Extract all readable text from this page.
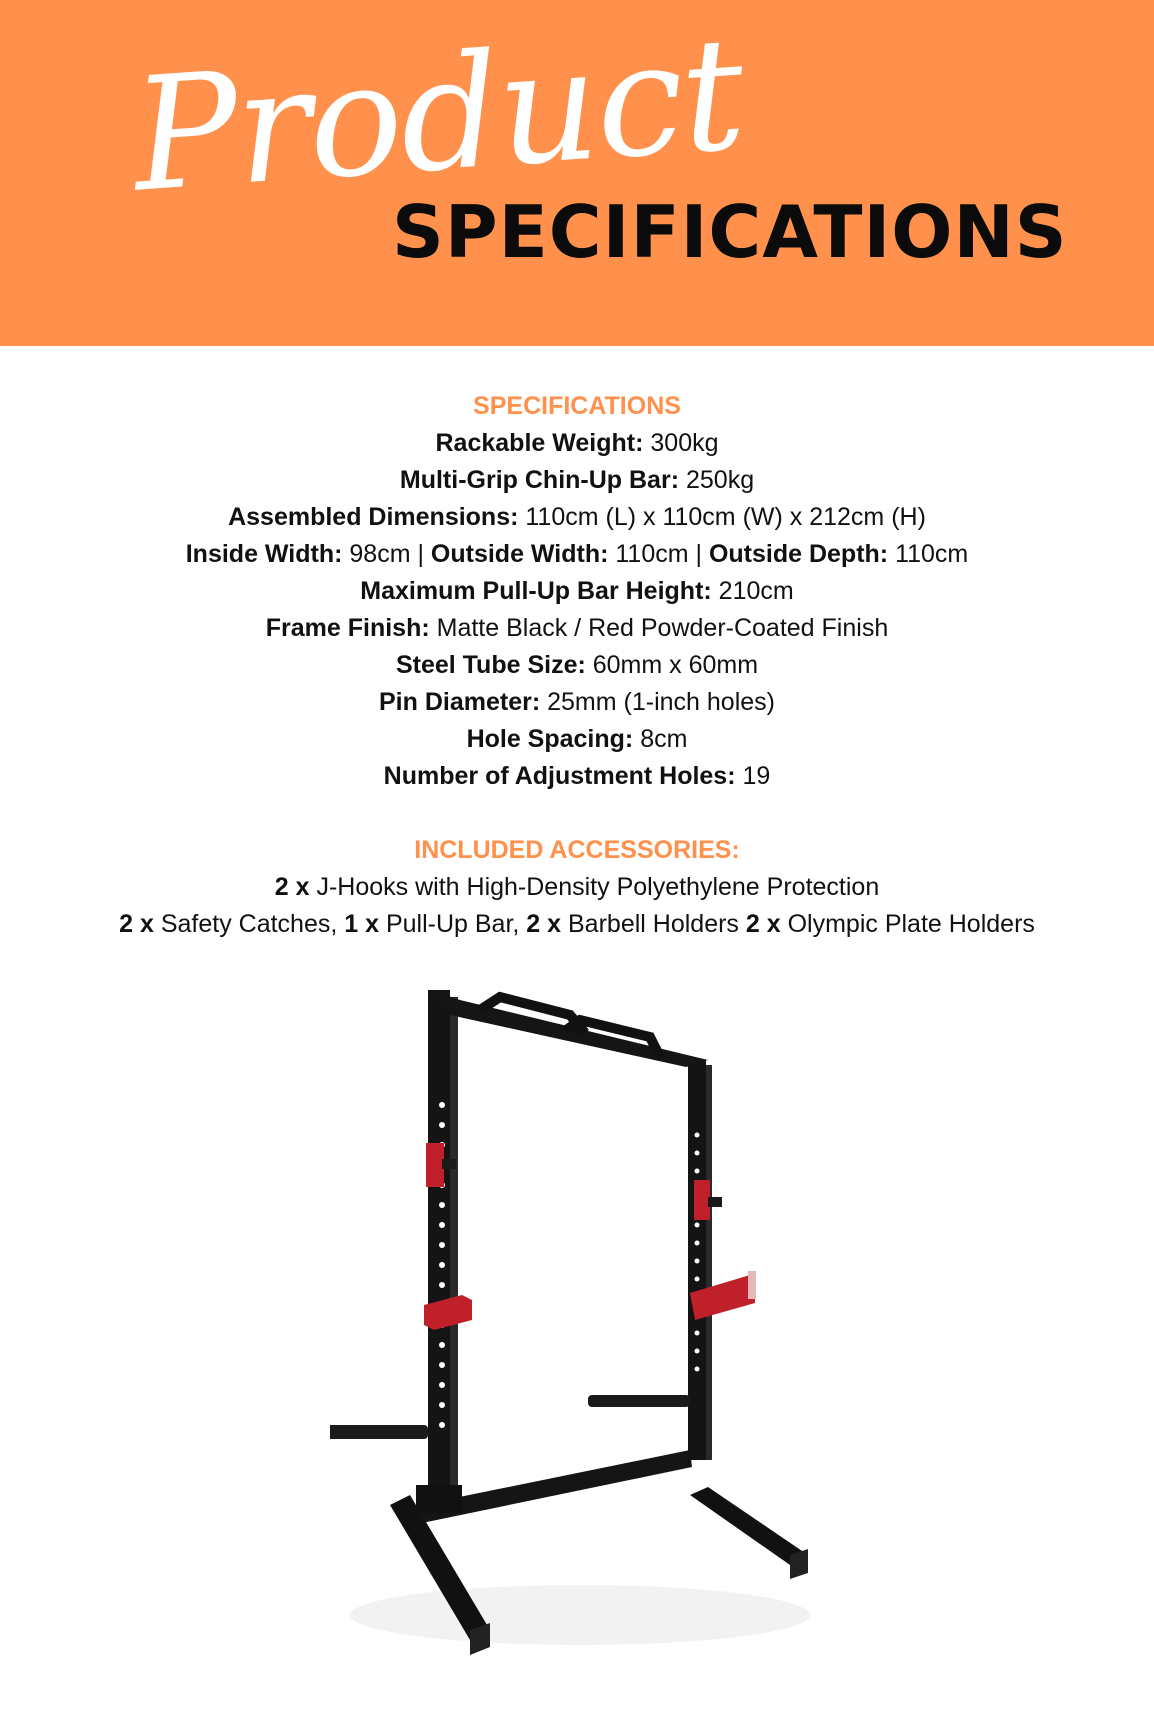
Product
SPECIFICATIONS
SPECIFICATIONS
Rackable Weight: 300kg
Multi-Grip Chin-Up Bar: 250kg
Assembled Dimensions: 110cm (L) x 110cm (W) x 212cm (H)
Inside Width: 98cm | Outside Width: 110cm | Outside Depth: 110cm
Maximum Pull-Up Bar Height: 210cm
Frame Finish: Matte Black / Red Powder-Coated Finish
Steel Tube Size: 60mm x 60mm
Pin Diameter: 25mm (1-inch holes)
Hole Spacing: 8cm
Number of Adjustment Holes: 19
INCLUDED ACCESSORIES:
2 x J-Hooks with High-Density Polyethylene Protection
2 x Safety Catches, 1 x Pull-Up Bar, 2 x Barbell Holders 2 x Olympic Plate Holders
